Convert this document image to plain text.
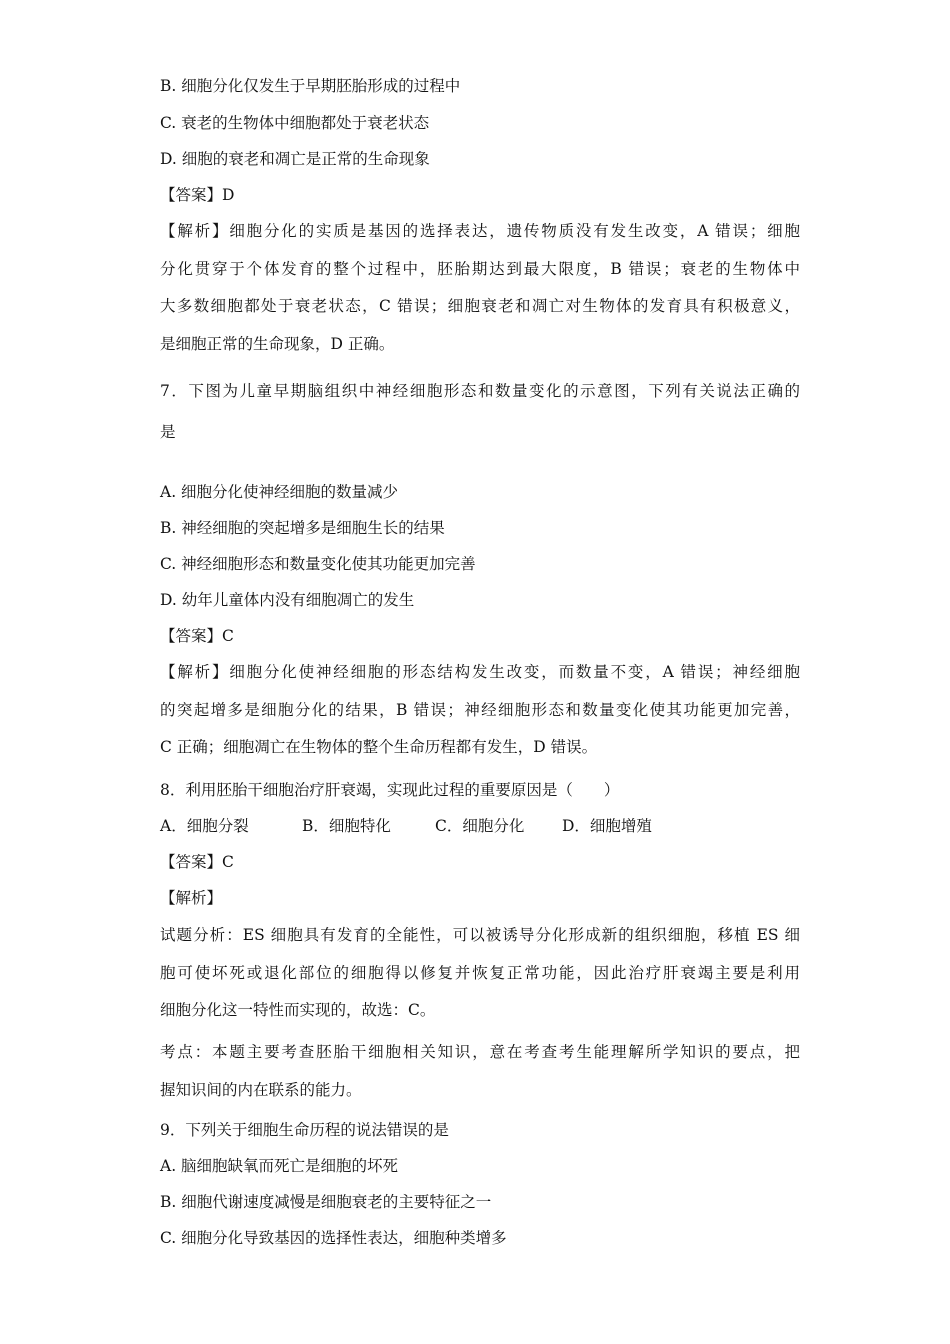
B. 细胞分化仅发生于早期胚胎形成的过程中
C. 衰老的生物体中细胞都处于衰老状态
D. 细胞的衰老和凋亡是正常的生命现象
【答案】D
【解析】细胞分化的实质是基因的选择表达，遗传物质没有发生改变，A 错误；细胞
分化贯穿于个体发育的整个过程中，胚胎期达到最大限度，B 错误；衰老的生物体中
大多数细胞都处于衰老状态，C 错误；细胞衰老和凋亡对生物体的发育具有积极意义，
是细胞正常的生命现象，D 正确。
7．下图为儿童早期脑组织中神经细胞形态和数量变化的示意图，下列有关说法正确的
是
A. 细胞分化使神经细胞的数量减少
B. 神经细胞的突起增多是细胞生长的结果
C. 神经细胞形态和数量变化使其功能更加完善
D. 幼年儿童体内没有细胞凋亡的发生
【答案】C
【解析】细胞分化使神经细胞的形态结构发生改变，而数量不变，A 错误；神经细胞
的突起增多是细胞分化的结果，B 错误；神经细胞形态和数量变化使其功能更加完善，
C 正确；细胞凋亡在生物体的整个生命历程都有发生，D 错误。
8．利用胚胎干细胞治疗肝衰竭，实现此过程的重要原因是（　　）
A．细胞分裂	B．细胞特化	C．细胞分化 D．细胞增殖
【答案】C
【解析】
试题分析：ES 细胞具有发育的全能性，可以被诱导分化形成新的组织细胞，移植 ES 细
胞可使坏死或退化部位的细胞得以修复并恢复正常功能，因此治疗肝衰竭主要是利用
细胞分化这一特性而实现的，故选：C。
考点：本题主要考查胚胎干细胞相关知识，意在考查考生能理解所学知识的要点，把
握知识间的内在联系的能力。
9．下列关于细胞生命历程的说法错误的是
A. 脑细胞缺氧而死亡是细胞的坏死
B. 细胞代谢速度减慢是细胞衰老的主要特征之一
C. 细胞分化导致基因的选择性表达，细胞种类增多
